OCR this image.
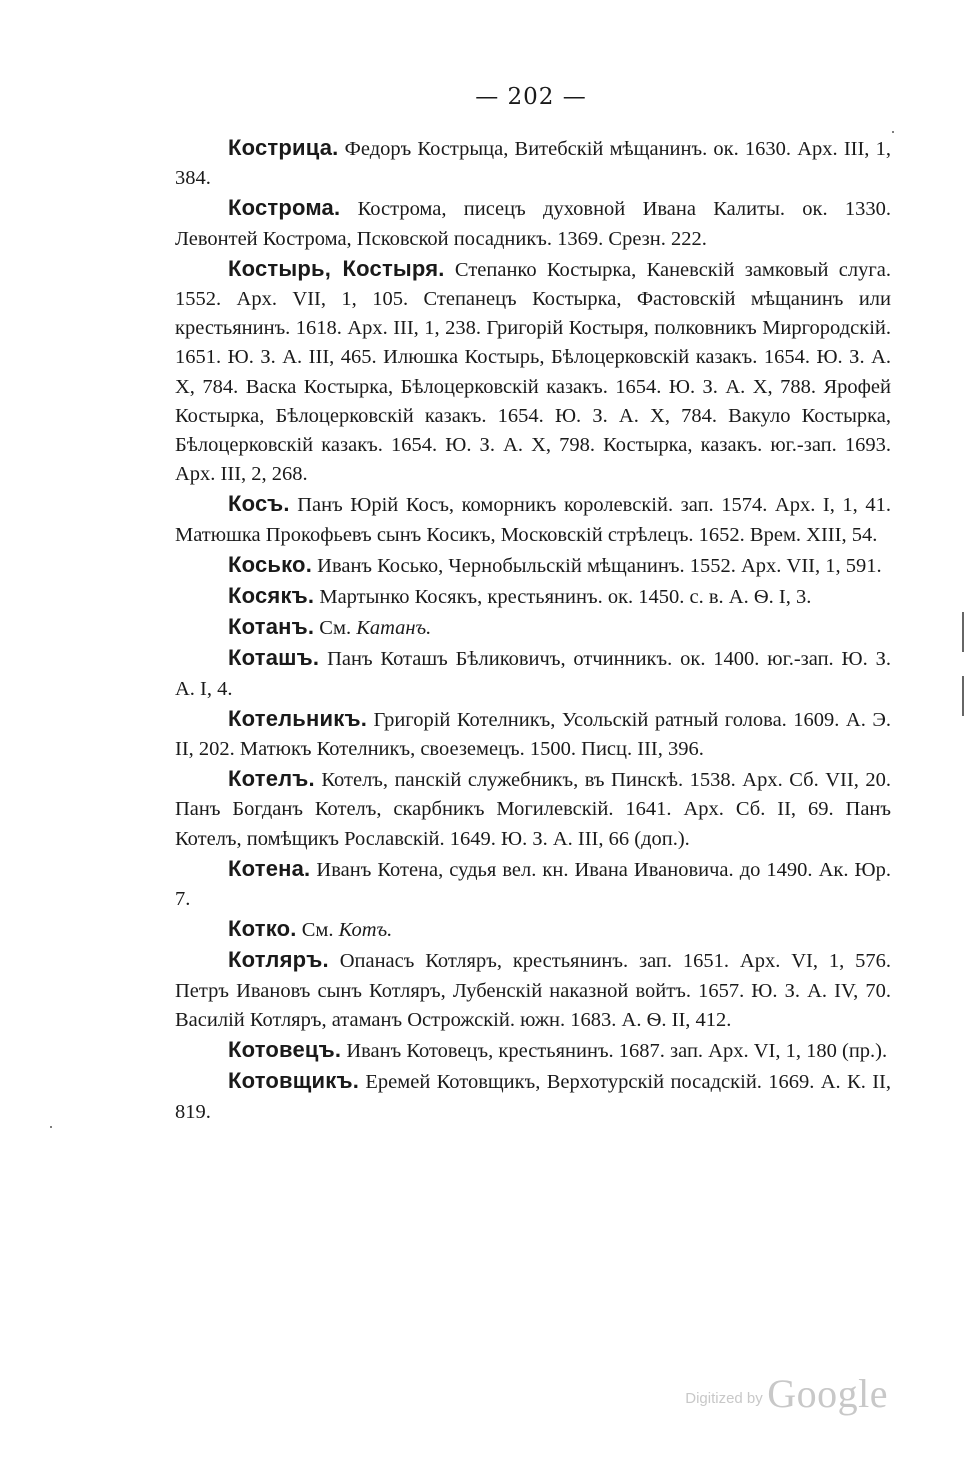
— 202 —

Кострица. Федоръ Кострыца, Витебскій мѣщанинъ. ок. 1630. Арх. III, 1, 384.

Кострома. Кострома, писецъ духовной Ивана Калиты. ок. 1330. Левонтей Кострома, Псковской посадникъ. 1369. Срезн. 222.

Костырь, Костыря. Степанко Костырка, Каневскій замковый слуга. 1552. Арх. VII, 1, 105. Степанецъ Костырка, Фастовскій мѣщанинъ или крестьянинъ. 1618. Арх. III, 1, 238. Григорій Костыря, полковникъ Миргородскій. 1651. Ю. З. А. III, 465. Илюшка Костырь, Бѣлоцерковскій казакъ. 1654. Ю. З. А. X, 784. Васка Костырка, Бѣлоцерковскій казакъ. 1654. Ю. З. А. X, 788. Ярофей Костырка, Бѣлоцерковскій казакъ. 1654. Ю. З. А. X, 784. Вакуло Костырка, Бѣлоцерковскій казакъ. 1654. Ю. З. А. X, 798. Костырка, казакъ. юг.-зап. 1693. Арх. III, 2, 268.

Косъ. Панъ Юрій Косъ, коморникъ королевскій. зап. 1574. Арх. I, 1, 41. Матюшка Прокофьевъ сынъ Косикъ, Московскій стрѣлецъ. 1652. Врем. XIII, 54.

Косько. Иванъ Косько, Чернобыльскій мѣщанинъ. 1552. Арх. VII, 1, 591.

Косякъ. Мартынко Косякъ, крестьянинъ. ок. 1450. с. в. А. Ѳ. I, 3.

Котанъ. См. Катанъ.

Коташъ. Панъ Коташъ Бѣликовичъ, отчинникъ. ок. 1400. юг.-зап. Ю. З. А. I, 4.

Котельникъ. Григорій Котелникъ, Усольскій ратный голова. 1609. А. Э. II, 202. Матюкъ Котелникъ, своеземецъ. 1500. Писц. III, 396.

Котелъ. Котелъ, панскій служебникъ, въ Пинскѣ. 1538. Арх. Сб. VII, 20. Панъ Богданъ Котелъ, скарбникъ Могилевскій. 1641. Арх. Сб. II, 69. Панъ Котелъ, помѣщикъ Рославскій. 1649. Ю. З. А. III, 66 (доп.).

Котена. Иванъ Котена, судья вел. кн. Ивана Ивановича. до 1490. Ак. Юр. 7.

Котко. См. Котъ.

Котляръ. Опанасъ Котляръ, крестьянинъ. зап. 1651. Арх. VI, 1, 576. Петръ Ивановъ сынъ Котляръ, Лубенскій наказной войтъ. 1657. Ю. З. А. IV, 70. Василій Котляръ, атаманъ Острожскій. южн. 1683. А. Ѳ. II, 412.

Котовецъ. Иванъ Котовецъ, крестьянинъ. 1687. зап. Арх. VI, 1, 180 (пр.).

Котовщикъ. Еремей Котовщикъ, Верхотурскій посадскій. 1669. А. К. II, 819.

Digitized by Google
